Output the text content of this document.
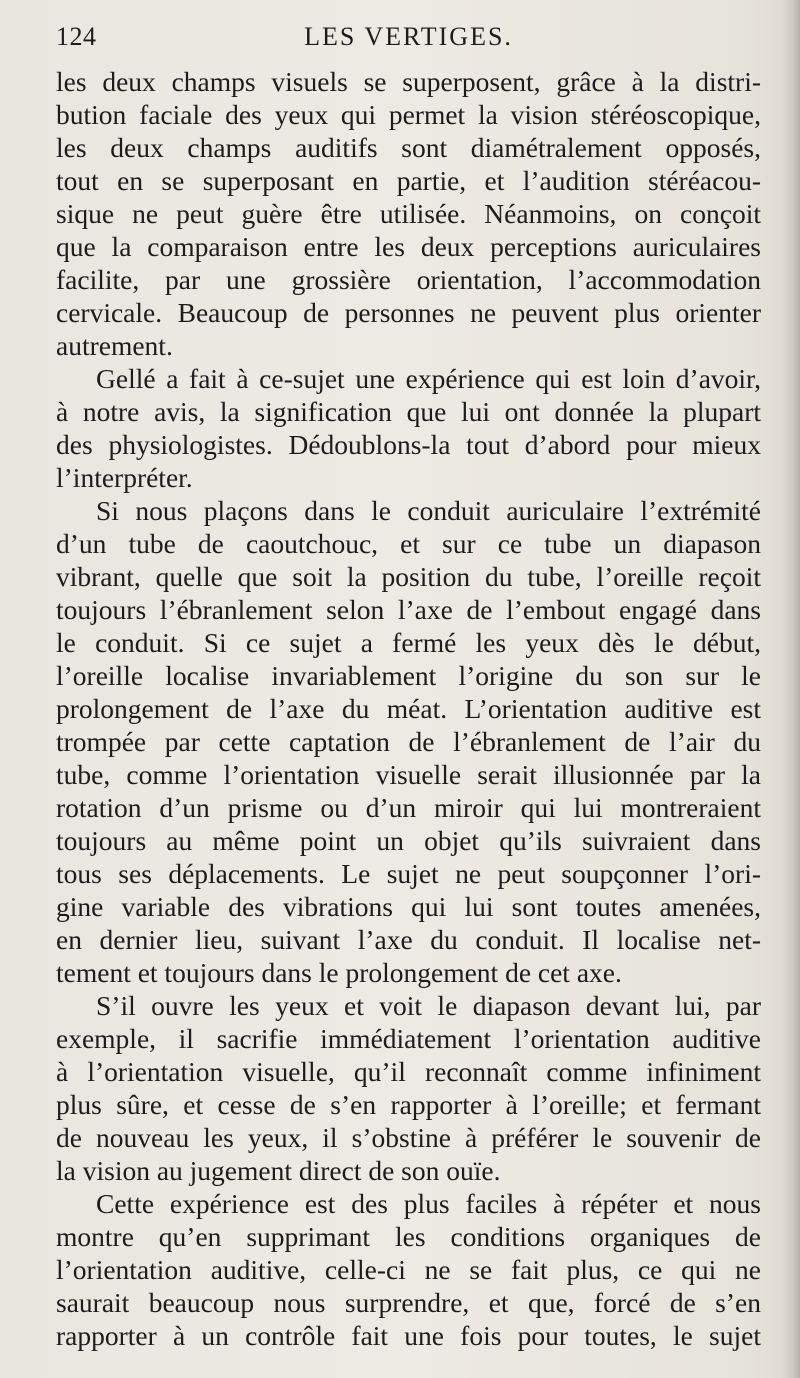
124	LES VERTIGES.
les deux champs visuels se superposent, grâce à la distri-
bution faciale des yeux qui permet la vision stéréoscopique,
les deux champs auditifs sont diamétralement opposés,
tout en se superposant en partie, et l’audition stéréacou-
sique ne peut guère être utilisée. Néanmoins, on conçoit
que la comparaison entre les deux perceptions auriculaires
facilite, par une grossière orientation, l’accommodation
cervicale. Beaucoup de personnes ne peuvent plus orienter
autrement.
Gellé a fait à ce-sujet une expérience qui est loin d’avoir,
à notre avis, la signification que lui ont donnée la plupart
des physiologistes. Dédoublons-la tout d’abord pour mieux
l’interpréter.
Si nous plaçons dans le conduit auriculaire l’extrémité
d’un tube de caoutchouc, et sur ce tube un diapason
vibrant, quelle que soit la position du tube, l’oreille reçoit
toujours l’ébranlement selon l’axe de l’embout engagé dans
le conduit. Si ce sujet a fermé les yeux dès le début,
l’oreille localise invariablement l’origine du son sur le
prolongement de l’axe du méat. L’orientation auditive est
trompée par cette captation de l’ébranlement de l’air du
tube, comme l’orientation visuelle serait illusionnée par la
rotation d’un prisme ou d’un miroir qui lui montreraient
toujours au même point un objet qu’ils suivraient dans
tous ses déplacements. Le sujet ne peut soupçonner l’ori-
gine variable des vibrations qui lui sont toutes amenées,
en dernier lieu, suivant l’axe du conduit. Il localise net-
tement et toujours dans le prolongement de cet axe.
S’il ouvre les yeux et voit le diapason devant lui, par
exemple, il sacrifie immédiatement l’orientation auditive
à l’orientation visuelle, qu’il reconnaît comme infiniment
plus sûre, et cesse de s’en rapporter à l’oreille; et fermant
de nouveau les yeux, il s’obstine à préférer le souvenir de
la vision au jugement direct de son ouïe.
Cette expérience est des plus faciles à répéter et nous
montre qu’en supprimant les conditions organiques de
l’orientation auditive, celle-ci ne se fait plus, ce qui ne
saurait beaucoup nous surprendre, et que, forcé de s’en
rapporter à un contrôle fait une fois pour toutes, le sujet
